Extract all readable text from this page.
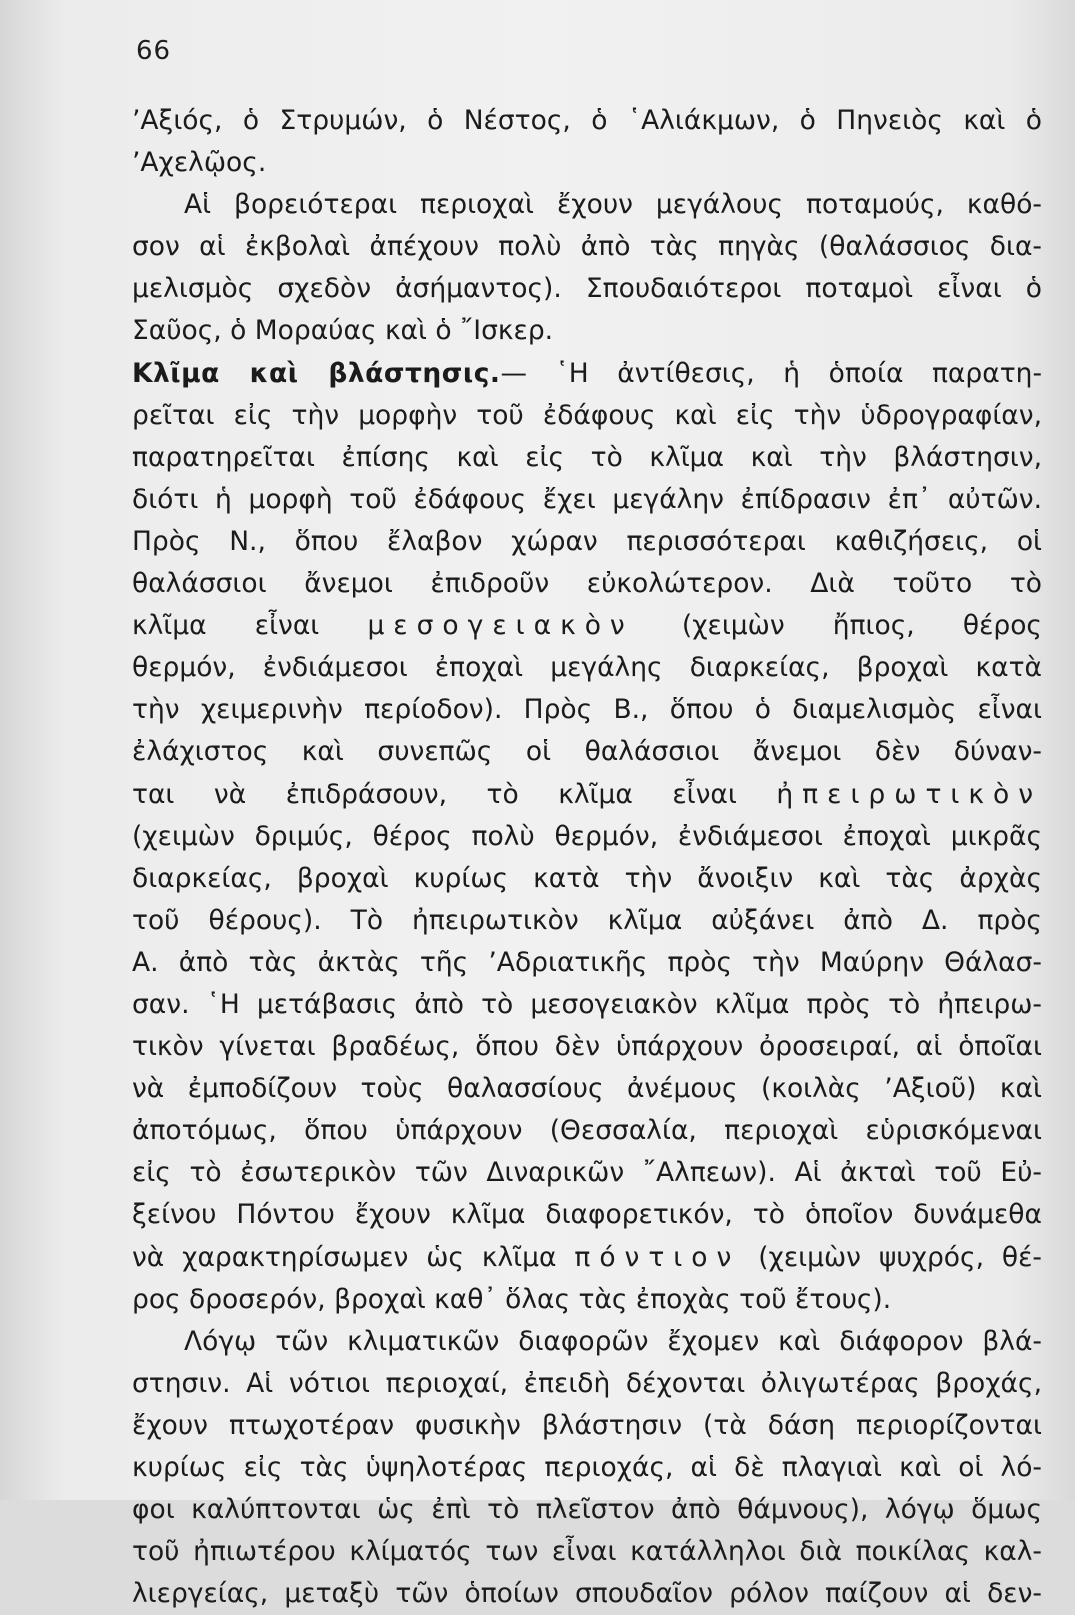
66
’Αξιός, ὁ Στρυμών, ὁ Νέστος, ὁ ῾Αλιάκμων, ὁ Πηνειὸς καὶ ὁ
’Αχελῷος.
Αἱ βορειότεραι περιοχαὶ ἔχουν μεγάλους ποταμούς, καθό-
σον αἱ ἐκβολαὶ ἀπέχουν πολὺ ἀπὸ τὰς πηγὰς (θαλάσσιος δια-
μελισμὸς σχεδὸν ἀσήμαντος). Σπουδαιότεροι ποταμοὶ εἶναι ὁ
Σαῦος, ὁ Μοραύας καὶ ὁ ῎Ισκερ.
Κλῖμα καὶ βλάστησις.— ῾Η ἀντίθεσις, ἡ ὁποία παρατη-
ρεῖται εἰς τὴν μορφὴν τοῦ ἐδάφους καὶ εἰς τὴν ὑδρογραφίαν,
παρατηρεῖται ἐπίσης καὶ εἰς τὸ κλῖμα καὶ τὴν βλάστησιν,
διότι ἡ μορφὴ τοῦ ἐδάφους ἔχει μεγάλην ἐπίδρασιν ἐπ᾽ αὐτῶν.
Πρὸς Ν., ὅπου ἔλαβον χώραν περισσότεραι καθιζήσεις, οἱ
θαλάσσιοι ἄνεμοι ἐπιδροῦν εὐκολώτερον. Διὰ τοῦτο τὸ
κλῖμα εἶναι μεσογειακὸν (χειμὼν ἤπιος, θέρος
θερμόν, ἐνδιάμεσοι ἐποχαὶ μεγάλης διαρκείας, βροχαὶ κατὰ
τὴν χειμερινὴν περίοδον). Πρὸς Β., ὅπου ὁ διαμελισμὸς εἶναι
ἐλάχιστος καὶ συνεπῶς οἱ θαλάσσιοι ἄνεμοι δὲν δύναν-
ται νὰ ἐπιδράσουν, τὸ κλῖμα εἶναι ἠπειρωτικὸν
(χειμὼν δριμύς, θέρος πολὺ θερμόν, ἐνδιάμεσοι ἐποχαὶ μικρᾶς
διαρκείας, βροχαὶ κυρίως κατὰ τὴν ἄνοιξιν καὶ τὰς ἀρχὰς
τοῦ θέρους). Τὸ ἠπειρωτικὸν κλῖμα αὐξάνει ἀπὸ Δ. πρὸς
Α. ἀπὸ τὰς ἀκτὰς τῆς ’Αδριατικῆς πρὸς τὴν Μαύρην Θάλασ-
σαν. ῾Η μετάβασις ἀπὸ τὸ μεσογειακὸν κλῖμα πρὸς τὸ ἠπειρω-
τικὸν γίνεται βραδέως, ὅπου δὲν ὑπάρχουν ὀροσειραί, αἱ ὁποῖαι
νὰ ἐμποδίζουν τοὺς θαλασσίους ἀνέμους (κοιλὰς ’Αξιοῦ) καὶ
ἀποτόμως, ὅπου ὑπάρχουν (Θεσσαλία, περιοχαὶ εὑρισκόμεναι
εἰς τὸ ἐσωτερικὸν τῶν Διναρικῶν ῎Αλπεων). Αἱ ἀκταὶ τοῦ Εὐ-
ξείνου Πόντου ἔχουν κλῖμα διαφορετικόν, τὸ ὁποῖον δυνάμεθα
νὰ χαρακτηρίσωμεν ὡς κλῖμα πόντιον (χειμὼν ψυχρός, θέ-
ρος δροσερόν, βροχαὶ καθ᾽ ὅλας τὰς ἐποχὰς τοῦ ἔτους).
Λόγῳ τῶν κλιματικῶν διαφορῶν ἔχομεν καὶ διάφορον βλά-
στησιν. Αἱ νότιοι περιοχαί, ἐπειδὴ δέχονται ὀλιγωτέρας βροχάς,
ἔχουν πτωχοτέραν φυσικὴν βλάστησιν (τὰ δάση περιορίζονται
κυρίως εἰς τὰς ὑψηλοτέρας περιοχάς, αἱ δὲ πλαγιαὶ καὶ οἱ λό-
φοι καλύπτονται ὡς ἐπὶ τὸ πλεῖστον ἀπὸ θάμνους), λόγῳ ὅμως
τοῦ ἠπιωτέρου κλίματός των εἶναι κατάλληλοι διὰ ποικίλας καλ-
λιεργείας, μεταξὺ τῶν ὁποίων σπουδαῖον ρόλον παίζουν αἱ δεν-
